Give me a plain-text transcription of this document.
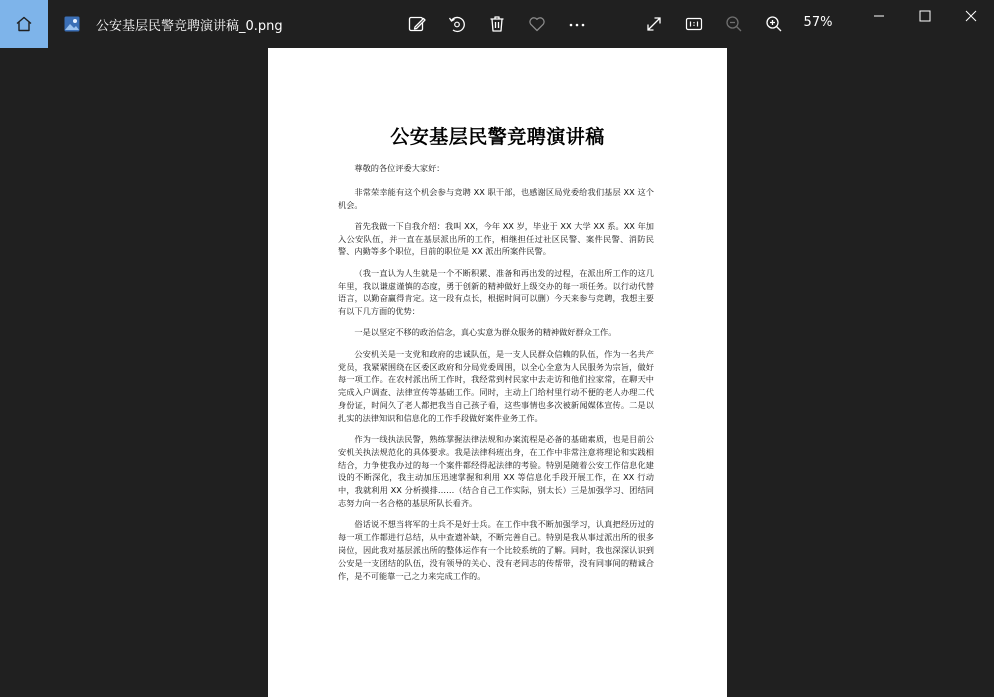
公安基层民警竞聘演讲稿_0.png	57%
公安基层民警竞聘演讲稿

尊敬的各位评委大家好：

非常荣幸能有这个机会参与竞聘 XX 职干部，也感谢区局党委给我们基层 XX 这个机会。

首先我做一下自我介绍：我叫 XX，今年 XX 岁，毕业于 XX 大学 XX 系。XX 年加入公安队伍，并一直在基层派出所的工作，相继担任过社区民警、案件民警、消防民警、内勤等多个职位，目前的职位是 XX 派出所案件民警。

（我一直认为人生就是一个不断积累、准备和再出发的过程，在派出所工作的这几年里，我以谦虚谨慎的态度，勇于创新的精神做好上级交办的每一项任务。以行动代替语言，以勤奋赢得肯定。这一段有点长，根据时间可以删）今天来参与竞聘，我想主要有以下几方面的优势：

一是以坚定不移的政治信念，真心实意为群众服务的精神做好群众工作。

公安机关是一支党和政府的忠诚队伍，是一支人民群众信赖的队伍，作为一名共产党员，我紧紧围绕在区委区政府和分局党委周围，以全心全意为人民服务为宗旨，做好每一项工作。在农村派出所工作时，我经常到村民家中去走访和他们拉家常，在聊天中完成入户调查、法律宣传等基础工作。同时，主动上门给村里行动不便的老人办理二代身份证，时间久了老人都把我当自己孩子看，这些事情也多次被新闻媒体宣传。二是以扎实的法律知识和信息化的工作手段做好案件业务工作。

作为一线执法民警，熟练掌握法律法规和办案流程是必备的基础素质，也是目前公安机关执法规范化的具体要求。我是法律科班出身，在工作中非常注意将理论和实践相结合，力争使我办过的每一个案件都经得起法律的考验。特别是随着公安工作信息化建设的不断深化，我主动加压迅速掌握和利用 XX 等信息化手段开展工作，在 XX 行动中，我就利用 XX 分析摸排……（结合自己工作实际，别太长）三是加强学习、团结同志努力向一名合格的基层所队长看齐。

俗话说不想当将军的士兵不是好士兵。在工作中我不断加强学习，认真把经历过的每一项工作都进行总结，从中查遗补缺，不断完善自己。特别是我从事过派出所的很多岗位，因此我对基层派出所的整体运作有一个比较系统的了解。同时，我也深深认识到公安是一支团结的队伍，没有领导的关心、没有老同志的传帮带，没有同事间的精诚合作，是不可能靠一己之力来完成工作的。
